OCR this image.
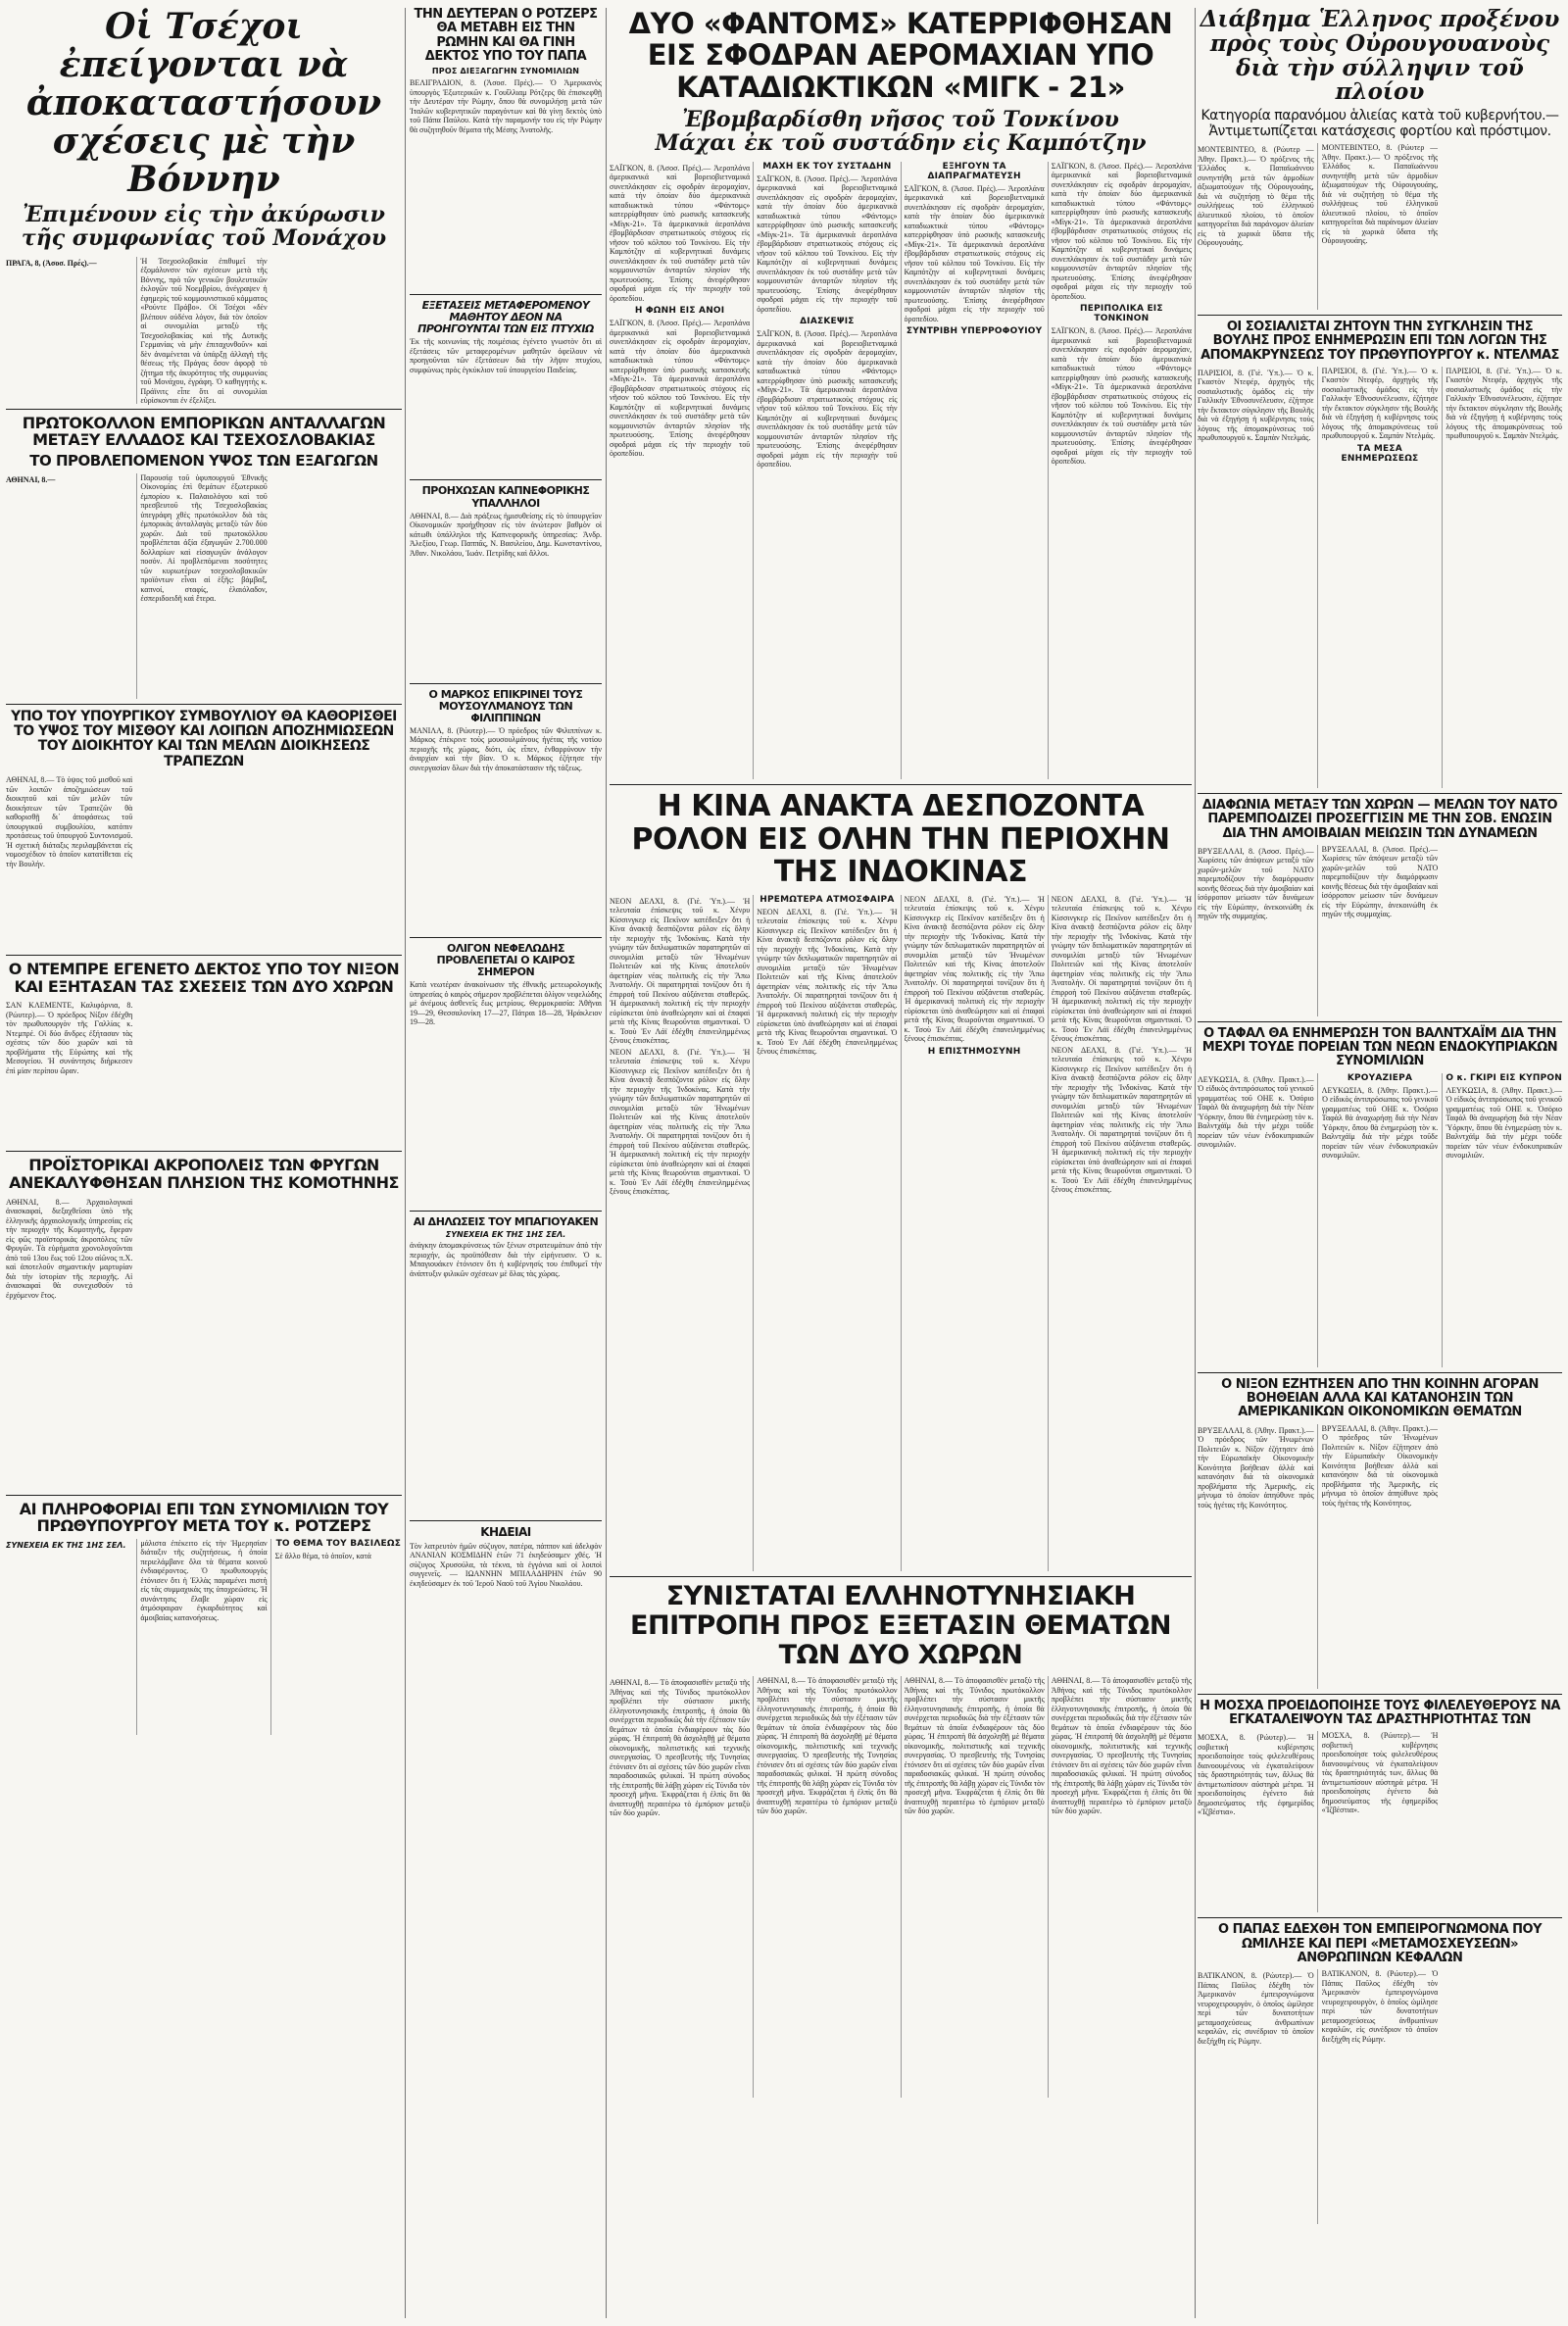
Οἱ Τσέχοι ἐπείγονται νὰ ἀποκαταστήσουν σχέσεις μὲ τὴν Βόννην
Ἐπιμένουν εἰς τὴν ἀκύρωσιν τῆς συμφωνίας τοῦ Μονάχου
ΠΡΑΓΑ, 8, (Ἀσοσ. Πρές).—	Ἡ Τσεχοσλοβακία ἐπιθυμεῖ τὴν ἐξομάλυνσιν τῶν σχέσεων μετὰ τῆς Βόννης, πρὸ τῶν γενικῶν βουλευτικῶν ἐκλογῶν τοῦ Νοεμβρίου, ἀνέγραψεν ἡ ἐφημερὶς τοῦ κομμουνιστικοῦ κόμματος «Ρούντε Πράβο». Οἱ Τσέχοι «δὲν βλέπουν οὐδένα λόγον, διὰ τὸν ὁποῖον αἱ συνομιλίαι μεταξὺ τῆς Τσεχοσλοβακίας καὶ τῆς Δυτικῆς Γερμανίας νὰ μὴν ἐπιταχυνθοῦν» καὶ δὲν ἀναμένεται νὰ ὑπάρξῃ ἀλλαγὴ τῆς θέσεως τῆς Πράγας ὅσον ἀφορᾷ τὸ ζήτημα τῆς ἀκυρότητος τῆς συμφωνίας τοῦ Μονάχου, ἐγράφη. Ὁ καθηγητὴς κ. Πράϊνιτς εἶπε ὅτι αἱ συνομιλίαι εὑρίσκονται ἐν ἐξελίξει.
ΠΡΩΤΟΚΟΛΛΟΝ ΕΜΠΟΡΙΚΩΝ ΑΝΤΑΛΛΑΓΩΝ ΜΕΤΑΞΥ ΕΛΛΑΔΟΣ ΚΑΙ ΤΣΕΧΟΣΛΟΒΑΚΙΑΣ
ΤΟ ΠΡΟΒΛΕΠΟΜΕΝΟΝ ΥΨΟΣ ΤΩΝ ΕΞΑΓΩΓΩΝ
ΑΘΗΝΑΙ, 8.—	Παρουσίᾳ τοῦ ὑφυπουργοῦ Ἐθνικῆς Οἰκονομίας ἐπὶ θεμάτων ἐξωτερικοῦ ἐμπορίου κ. Παλαιολόγου καὶ τοῦ πρεσβευτοῦ τῆς Τσεχοσλοβακίας ὑπεγράφη χθὲς πρωτόκολλον διὰ τὰς ἐμπορικὰς ἀνταλλαγὰς μεταξὺ τῶν δύο χωρῶν. Διὰ τοῦ πρωτοκόλλου προβλέπεται ἀξία ἐξαγωγῶν 2.700.000 δολλαρίων καὶ εἰσαγωγῶν ἀνάλογον ποσόν. Αἱ προβλεπόμεναι ποσότητες τῶν κυριωτέρων τσεχοσλοβακικῶν προϊόντων εἶναι αἱ ἑξῆς: βάμβαξ, καπνοί, σταφίς, ἐλαιόλαδον, ἐσπεριδοειδῆ καὶ ἕτερα.
ΥΠΟ ΤΟΥ ΥΠΟΥΡΓΙΚΟΥ ΣΥΜΒΟΥΛΙΟΥ ΘΑ ΚΑΘΟΡΙΣΘΕΙ ΤΟ ΥΨΟΣ ΤΟΥ ΜΙΣΘΟΥ ΚΑΙ ΛΟΙΠΩΝ ΑΠΟΖΗΜΙΩΣΕΩΝ ΤΟΥ ΔΙΟΙΚΗΤΟΥ ΚΑΙ ΤΩΝ ΜΕΛΩΝ ΔΙΟΙΚΗΣΕΩΣ ΤΡΑΠΕΖΩΝ
ΑΘΗΝΑΙ, 8.— Τὸ ὑψος τοῦ μισθοῦ καὶ τῶν λοιπῶν ἀποζημιώσεων τοῦ διοικητοῦ καὶ τῶν μελῶν τῶν διοικήσεων τῶν Τραπεζῶν θὰ καθορισθῇ δι᾽ ἀποφάσεως τοῦ ὑπουργικοῦ συμβουλίου, κατόπιν προτάσεως τοῦ ὑπουργοῦ Συντονισμοῦ. Ἡ σχετικὴ διάταξις περιλαμβάνεται εἰς νομοσχέδιον τὸ ὁποῖον κατατίθεται εἰς τὴν Βουλήν.
Ο ΝΤΕΜΠΡΕ ΕΓΕΝΕΤΟ ΔΕΚΤΟΣ ΥΠΟ ΤΟΥ ΝΙΞΟΝ ΚΑΙ ΕΞΗΤΑΣΑΝ ΤΑΣ ΣΧΕΣΕΙΣ ΤΩΝ ΔΥΟ ΧΩΡΩΝ
ΣΑΝ ΚΛΕΜΕΝΤΕ, Καλιφόρνια, 8. (Ρώυτερ).— Ὁ πρόεδρος Νίξον ἐδέχθη τὸν πρωθυπουργὸν τῆς Γαλλίας κ. Ντεμπρέ. Οἱ δύο ἄνδρες ἐξήτασαν τὰς σχέσεις τῶν δύο χωρῶν καὶ τὰ προβλήματα τῆς Εὐρώπης καὶ τῆς Μεσογείου. Ἡ συνάντησις διήρκεσεν ἐπὶ μίαν περίπου ὥραν.
ΠΡΟΪΣΤΟΡΙΚΑΙ ΑΚΡΟΠΟΛΕΙΣ ΤΩΝ ΦΡΥΓΩΝ ΑΝΕΚΑΛΥΦΘΗΣΑΝ ΠΛΗΣΙΟΝ ΤΗΣ ΚΟΜΟΤΗΝΗΣ
ΑΘΗΝΑΙ, 8.— Ἀρχαιολογικαὶ ἀνασκαφαί, διεξαχθεῖσαι ὑπὸ τῆς ἑλληνικῆς ἀρχαιολογικῆς ὑπηρεσίας εἰς τὴν περιοχὴν τῆς Κομοτηνῆς, ἔφεραν εἰς φῶς προϊστορικὰς ἀκροπόλεις τῶν Φρυγῶν. Τὰ εὑρήματα χρονολογοῦνται ἀπὸ τοῦ 13ου ἕως τοῦ 12ου αἰῶνος π.Χ. καὶ ἀποτελοῦν σημαντικὴν μαρτυρίαν διὰ τὴν ἱστορίαν τῆς περιοχῆς. Αἱ ἀνασκαφαὶ θὰ συνεχισθοῦν τὸ ἐρχόμενον ἔτος.
ΑΙ ΠΛΗΡΟΦΟΡΙΑΙ ΕΠΙ ΤΩΝ ΣΥΝΟΜΙΛΙΩΝ ΤΟΥ ΠΡΩΘΥΠΟΥΡΓΟΥ ΜΕΤΑ ΤΟΥ κ. ΡΟΤΖΕΡΣ
ΣΥΝΕΧΕΙΑ ΕΚ ΤΗΣ 1ΗΣ ΣΕΛ.	μάλιστα ἐπέκειτο εἰς τὴν Ἡμερησίαν διάταξιν τῆς συζητήσεως, ἡ ὁποία περιελάμβανε ὅλα τὰ θέματα κοινοῦ ἐνδιαφέροντος. Ὁ πρωθυπουργὸς ἐτόνισεν ὅτι ἡ Ἑλλὰς παραμένει πιστὴ εἰς τὰς συμμαχικὰς της ὑποχρεώσεις. Ἡ συνάντησις ἔλαβε χώραν εἰς ἀτμόσφαιραν ἐγκαρδιότητος καὶ ἀμοιβαίας κατανοήσεως.
ΤΟ ΘΕΜΑ ΤΟΥ ΒΑΣΙΛΕΩΣ
Σὲ ἄλλο θέμα, τὸ ὁποῖον, κατά
ΤΗΝ ΔΕΥΤΕΡΑΝ Ο ΡΟΤΖΕΡΣ ΘΑ ΜΕΤΑΒΗ ΕΙΣ ΤΗΝ ΡΩΜΗΝ ΚΑΙ ΘΑ ΓΙΝΗ ΔΕΚΤΟΣ ΥΠΟ ΤΟΥ ΠΑΠΑ
ΠΡΟΣ ΔΙΕΞΑΓΩΓΗΝ ΣΥΝΟΜΙΛΙΩΝ
ΒΕΛΙΓΡΑΔΙΟΝ, 8. (Ἀσοσ. Πρές).— Ὁ Ἀμερικανὸς ὑπουργὸς Ἐξωτερικῶν κ. Γουΐλλιαμ Ρότζερς θὰ ἐπισκεφθῇ τὴν Δευτέραν τὴν Ρώμην, ὅπου θὰ συνομιλήσῃ μετὰ τῶν Ἰταλῶν κυβερνητικῶν παραγόντων καὶ θὰ γίνῃ δεκτὸς ὑπὸ τοῦ Πάπα Παύλου. Κατὰ τὴν παραμονήν του εἰς τὴν Ρώμην θὰ συζητηθοῦν θέματα τῆς Μέσης Ἀνατολῆς.
ΕΞΕΤΑΣΕΙΣ ΜΕΤΑΦΕΡΟΜΕΝΟΥ ΜΑΘΗΤΟΥ ΔΕΟΝ ΝΑ ΠΡΟΗΓΟΥΝΤΑΙ ΤΩΝ ΕΙΣ ΠΤΥΧΙΩ
Ἐκ τῆς κοινωνίας τῆς ποιμέσιας ἐγένετο γνωστὸν ὅτι αἱ ἐξετάσεις τῶν μεταφερομένων μαθητῶν ὀφείλουν νὰ προηγοῦνται τῶν ἐξετάσεων διὰ τὴν λῆψιν πτυχίου, συμφώνως πρὸς ἐγκύκλιον τοῦ ὑπουργείου Παιδείας.
ΠΡΟΗΧΩΣΑΝ ΚΑΠΝΕΦΟΡΙΚΗΣ ΥΠΑΛΛΗΛΟΙ
ΑΘΗΝΑΙ, 8.— Διὰ πράξεως ἡμισυθείσης εἰς τὸ ὑπουργεῖον Οἰκονομικῶν προήχθησαν εἰς τὸν ἀνώτερον βαθμὸν οἱ κάτωθι ὑπάλληλοι τῆς Καπνεφορικῆς ὑπηρεσίας: Ἀνδρ. Ἀλεξίου, Γεωρ. Παππᾶς, Ν. Βασιλείου, Δημ. Κωνσταντίνου, Ἀθαν. Νικολάου, Ἰωάν. Πετρίδης καὶ ἄλλοι.
Ο ΜΑΡΚΟΣ ΕΠΙΚΡΙΝΕΙ ΤΟΥΣ ΜΟΥΣΟΥΛΜΑΝΟΥΣ ΤΩΝ ΦΙΛΙΠΠΙΝΩΝ
ΜΑΝΙΛΑ, 8. (Ρώυτερ).— Ὁ πρόεδρος τῶν Φιλιππίνων κ. Μάρκος ἐπέκρινε τοὺς μουσουλμάνους ἡγέτας τῆς νοτίου περιοχῆς τῆς χώρας, διότι, ὡς εἶπεν, ἐνθαρρύνουν τὴν ἀναρχίαν καὶ τὴν βίαν. Ὁ κ. Μάρκος ἐζήτησε τὴν συνεργασίαν ὅλων διὰ τὴν ἀποκατάστασιν τῆς τάξεως.
ΟΛΙΓΟΝ ΝΕΦΕΛΩΔΗΣ ΠΡΟΒΛΕΠΕΤΑΙ Ο ΚΑΙΡΟΣ ΣΗΜΕΡΟΝ
Κατὰ νεωτέραν ἀνακοίνωσιν τῆς ἐθνικῆς μετεωρολογικῆς ὑπηρεσίας ὁ καιρὸς σήμερον προβλέπεται ὀλίγον νεφελώδης μὲ ἀνέμους ἀσθενεῖς ἕως μετρίους. Θερμοκρασία: Ἀθῆναι 19—29, Θεσσαλονίκη 17—27, Πάτραι 18—28, Ἡράκλειον 19—28.
ΑΙ ΔΗΛΩΣΕΙΣ ΤΟΥ ΜΠΑΓΙΟΥΑΚΕΝ
ΣΥΝΕΧΕΙΑ ΕΚ ΤΗΣ 1ΗΣ ΣΕΛ.
ἀνάγκην ἀπομακρύνσεως τῶν ξένων στρατευμάτων ἀπὸ τὴν περιοχήν, ὡς προϋπόθεσιν διὰ τὴν εἰρήνευσιν. Ὁ κ. Μπαγιουάκεν ἐτόνισεν ὅτι ἡ κυβέρνησίς του ἐπιθυμεῖ τὴν ἀνάπτυξιν φιλικῶν σχέσεων μὲ ὅλας τὰς χώρας.
ΚΗΔΕΙΑΙ
Τὸν λατρευτὸν ἡμῶν σύζυγον, πατέρα, πάππον καὶ ἀδελφὸν ΑΝΑΝΙΑΝ ΚΟΣΜΙΔΗΝ ἐτῶν 71 ἐκηδεύσαμεν χθές. Ἡ σύζυγος Χρυσούλα, τὰ τέκνα, τὰ ἐγγόνια καὶ οἱ λοιποὶ συγγενεῖς. — ΙΩΑΝΝΗΝ ΜΠΙΛΑΔΗΡΗΝ ἐτῶν 90 ἐκηδεύσαμεν ἐκ τοῦ Ἱεροῦ Ναοῦ τοῦ Ἁγίου Νικολάου.
ΔΥΟ «ΦΑΝΤΟΜΣ» ΚΑΤΕΡΡΙΦΘΗΣΑΝ ΕΙΣ ΣΦΟΔΡΑΝ ΑΕΡΟΜΑΧΙΑΝ ΥΠΟ ΚΑΤΑΔΙΩΚΤΙΚΩΝ «ΜΙΓΚ - 21»
Ἐβομβαρδίσθη νῆσος τοῦ Τονκίνου
Μάχαι ἐκ τοῦ συστάδην εἰς Καμπότζην
ΣΑΪΓΚΟΝ, 8. (Ἀσοσ. Πρές).— Ἀεροπλάνα ἀμερικανικά καὶ βορειοβιετναμικά συνεπλάκησαν εἰς σφοδρὰν ἀερομαχίαν, κατὰ τὴν ὁποίαν δύο ἀμερικανικὰ καταδιωκτικὰ τύπου «Φάντομς» κατερρίφθησαν ὑπὸ ρωσικῆς κατασκευῆς «Μὶγκ-21». Τὰ ἀμερικανικὰ ἀεροπλάνα ἐβομβάρδισαν στρατιωτικοὺς στόχους εἰς νῆσον τοῦ κόλπου τοῦ Τονκίνου. Εἰς τὴν Καμπότζην αἱ κυβερνητικαὶ δυνάμεις συνεπλάκησαν ἐκ τοῦ συστάδην μετὰ τῶν κομμουνιστῶν ἀνταρτῶν πλησίον τῆς πρωτευούσης. Ἐπίσης ἀνεφέρθησαν σφοδραὶ μάχαι εἰς τὴν περιοχὴν τοῦ ὁροπεδίου.
Η ΦΩΝΗ ΕΙΣ ΑΝΟΙ
ΣΑΪΓΚΟΝ, 8. (Ἀσοσ. Πρές).— Ἀεροπλάνα ἀμερικανικά καὶ βορειοβιετναμικά συνεπλάκησαν εἰς σφοδρὰν ἀερομαχίαν, κατὰ τὴν ὁποίαν δύο ἀμερικανικὰ καταδιωκτικὰ τύπου «Φάντομς» κατερρίφθησαν ὑπὸ ρωσικῆς κατασκευῆς «Μὶγκ-21». Τὰ ἀμερικανικὰ ἀεροπλάνα ἐβομβάρδισαν στρατιωτικοὺς στόχους εἰς νῆσον τοῦ κόλπου τοῦ Τονκίνου. Εἰς τὴν Καμπότζην αἱ κυβερνητικαὶ δυνάμεις συνεπλάκησαν ἐκ τοῦ συστάδην μετὰ τῶν κομμουνιστῶν ἀνταρτῶν πλησίον τῆς πρωτευούσης. Ἐπίσης ἀνεφέρθησαν σφοδραὶ μάχαι εἰς τὴν περιοχὴν τοῦ ὁροπεδίου.
ΜΑΧΗ ΕΚ ΤΟΥ ΣΥΣΤΑΔΗΝ
ΣΑΪΓΚΟΝ, 8. (Ἀσοσ. Πρές).— Ἀεροπλάνα ἀμερικανικά καὶ βορειοβιετναμικά συνεπλάκησαν εἰς σφοδρὰν ἀερομαχίαν, κατὰ τὴν ὁποίαν δύο ἀμερικανικὰ καταδιωκτικὰ τύπου «Φάντομς» κατερρίφθησαν ὑπὸ ρωσικῆς κατασκευῆς «Μὶγκ-21». Τὰ ἀμερικανικὰ ἀεροπλάνα ἐβομβάρδισαν στρατιωτικοὺς στόχους εἰς νῆσον τοῦ κόλπου τοῦ Τονκίνου. Εἰς τὴν Καμπότζην αἱ κυβερνητικαὶ δυνάμεις συνεπλάκησαν ἐκ τοῦ συστάδην μετὰ τῶν κομμουνιστῶν ἀνταρτῶν πλησίον τῆς πρωτευούσης. Ἐπίσης ἀνεφέρθησαν σφοδραὶ μάχαι εἰς τὴν περιοχὴν τοῦ ὁροπεδίου.
ΔΙΑΣΚΕΨΙΣ
ΣΑΪΓΚΟΝ, 8. (Ἀσοσ. Πρές).— Ἀεροπλάνα ἀμερικανικά καὶ βορειοβιετναμικά συνεπλάκησαν εἰς σφοδρὰν ἀερομαχίαν, κατὰ τὴν ὁποίαν δύο ἀμερικανικὰ καταδιωκτικὰ τύπου «Φάντομς» κατερρίφθησαν ὑπὸ ρωσικῆς κατασκευῆς «Μὶγκ-21». Τὰ ἀμερικανικὰ ἀεροπλάνα ἐβομβάρδισαν στρατιωτικοὺς στόχους εἰς νῆσον τοῦ κόλπου τοῦ Τονκίνου. Εἰς τὴν Καμπότζην αἱ κυβερνητικαὶ δυνάμεις συνεπλάκησαν ἐκ τοῦ συστάδην μετὰ τῶν κομμουνιστῶν ἀνταρτῶν πλησίον τῆς πρωτευούσης. Ἐπίσης ἀνεφέρθησαν σφοδραὶ μάχαι εἰς τὴν περιοχὴν τοῦ ὁροπεδίου.
ΕΞΗΓΟΥΝ ΤΑ ΔΙΑΠΡΑΓΜΑΤΕΥΣΗ
ΣΑΪΓΚΟΝ, 8. (Ἀσοσ. Πρές).— Ἀεροπλάνα ἀμερικανικά καὶ βορειοβιετναμικά συνεπλάκησαν εἰς σφοδρὰν ἀερομαχίαν, κατὰ τὴν ὁποίαν δύο ἀμερικανικὰ καταδιωκτικὰ τύπου «Φάντομς» κατερρίφθησαν ὑπὸ ρωσικῆς κατασκευῆς «Μὶγκ-21». Τὰ ἀμερικανικὰ ἀεροπλάνα ἐβομβάρδισαν στρατιωτικοὺς στόχους εἰς νῆσον τοῦ κόλπου τοῦ Τονκίνου. Εἰς τὴν Καμπότζην αἱ κυβερνητικαὶ δυνάμεις συνεπλάκησαν ἐκ τοῦ συστάδην μετὰ τῶν κομμουνιστῶν ἀνταρτῶν πλησίον τῆς πρωτευούσης. Ἐπίσης ἀνεφέρθησαν σφοδραὶ μάχαι εἰς τὴν περιοχὴν τοῦ ὁροπεδίου.
ΣΥΝΤΡΙΒΗ ΥΠΕΡΡΟΦΟΥΙΟΥ
ΣΑΪΓΚΟΝ, 8. (Ἀσοσ. Πρές).— Ἀεροπλάνα ἀμερικανικά καὶ βορειοβιετναμικά συνεπλάκησαν εἰς σφοδρὰν ἀερομαχίαν, κατὰ τὴν ὁποίαν δύο ἀμερικανικὰ καταδιωκτικὰ τύπου «Φάντομς» κατερρίφθησαν ὑπὸ ρωσικῆς κατασκευῆς «Μὶγκ-21». Τὰ ἀμερικανικὰ ἀεροπλάνα ἐβομβάρδισαν στρατιωτικοὺς στόχους εἰς νῆσον τοῦ κόλπου τοῦ Τονκίνου. Εἰς τὴν Καμπότζην αἱ κυβερνητικαὶ δυνάμεις συνεπλάκησαν ἐκ τοῦ συστάδην μετὰ τῶν κομμουνιστῶν ἀνταρτῶν πλησίον τῆς πρωτευούσης. Ἐπίσης ἀνεφέρθησαν σφοδραὶ μάχαι εἰς τὴν περιοχὴν τοῦ ὁροπεδίου.
ΠΕΡΙΠΟΛΙΚΑ ΕΙΣ ΤΟΝΚΙΝΟΝ
ΣΑΪΓΚΟΝ, 8. (Ἀσοσ. Πρές).— Ἀεροπλάνα ἀμερικανικά καὶ βορειοβιετναμικά συνεπλάκησαν εἰς σφοδρὰν ἀερομαχίαν, κατὰ τὴν ὁποίαν δύο ἀμερικανικὰ καταδιωκτικὰ τύπου «Φάντομς» κατερρίφθησαν ὑπὸ ρωσικῆς κατασκευῆς «Μὶγκ-21». Τὰ ἀμερικανικὰ ἀεροπλάνα ἐβομβάρδισαν στρατιωτικοὺς στόχους εἰς νῆσον τοῦ κόλπου τοῦ Τονκίνου. Εἰς τὴν Καμπότζην αἱ κυβερνητικαὶ δυνάμεις συνεπλάκησαν ἐκ τοῦ συστάδην μετὰ τῶν κομμουνιστῶν ἀνταρτῶν πλησίον τῆς πρωτευούσης. Ἐπίσης ἀνεφέρθησαν σφοδραὶ μάχαι εἰς τὴν περιοχὴν τοῦ ὁροπεδίου.
Η ΚΙΝΑ ΑΝΑΚΤΑ ΔΕΣΠΟΖΟΝΤΑ ΡΟΛΟΝ ΕΙΣ ΟΛΗΝ ΤΗΝ ΠΕΡΙΟΧΗΝ ΤΗΣ ΙΝΔΟΚΙΝΑΣ
ΝΕΟΝ ΔΕΛΧΙ, 8. (Γιὲ. Ὑπ.).— Ἡ τελευταία ἐπίσκεψις τοῦ κ. Χένρυ Κίσσινγκερ εἰς Πεκῖνον κατέδειξεν ὅτι ἡ Κίνα ἀνακτᾷ δεσπόζοντα ρόλον εἰς ὅλην τὴν περιοχὴν τῆς Ἰνδοκίνας. Κατὰ τὴν γνώμην τῶν διπλωματικῶν παρατηρητῶν αἱ συνομιλίαι μεταξὺ τῶν Ἡνωμένων Πολιτειῶν καὶ τῆς Κίνας ἀποτελοῦν ἀφετηρίαν νέας πολιτικῆς εἰς τὴν Ἄπω Ἀνατολήν. Οἱ παρατηρηταὶ τονίζουν ὅτι ἡ ἐπιρροὴ τοῦ Πεκίνου αὐξάνεται σταθερῶς. Ἡ ἀμερικανικὴ πολιτικὴ εἰς τὴν περιοχὴν εὑρίσκεται ὑπὸ ἀναθεώρησιν καὶ αἱ ἐπαφαὶ μετὰ τῆς Κίνας θεωροῦνται σημαντικαί. Ὁ κ. Τσοὺ Ἐν Λάϊ ἐδέχθη ἐπανειλημμένως ξένους ἐπισκέπτας.
ΝΕΟΝ ΔΕΛΧΙ, 8. (Γιὲ. Ὑπ.).— Ἡ τελευταία ἐπίσκεψις τοῦ κ. Χένρυ Κίσσινγκερ εἰς Πεκῖνον κατέδειξεν ὅτι ἡ Κίνα ἀνακτᾷ δεσπόζοντα ρόλον εἰς ὅλην τὴν περιοχὴν τῆς Ἰνδοκίνας. Κατὰ τὴν γνώμην τῶν διπλωματικῶν παρατηρητῶν αἱ συνομιλίαι μεταξὺ τῶν Ἡνωμένων Πολιτειῶν καὶ τῆς Κίνας ἀποτελοῦν ἀφετηρίαν νέας πολιτικῆς εἰς τὴν Ἄπω Ἀνατολήν. Οἱ παρατηρηταὶ τονίζουν ὅτι ἡ ἐπιρροὴ τοῦ Πεκίνου αὐξάνεται σταθερῶς. Ἡ ἀμερικανικὴ πολιτικὴ εἰς τὴν περιοχὴν εὑρίσκεται ὑπὸ ἀναθεώρησιν καὶ αἱ ἐπαφαὶ μετὰ τῆς Κίνας θεωροῦνται σημαντικαί. Ὁ κ. Τσοὺ Ἐν Λάϊ ἐδέχθη ἐπανειλημμένως ξένους ἐπισκέπτας.
ΗΡΕΜΩΤΕΡΑ ΑΤΜΟΣΦΑΙΡΑ
ΝΕΟΝ ΔΕΛΧΙ, 8. (Γιὲ. Ὑπ.).— Ἡ τελευταία ἐπίσκεψις τοῦ κ. Χένρυ Κίσσινγκερ εἰς Πεκῖνον κατέδειξεν ὅτι ἡ Κίνα ἀνακτᾷ δεσπόζοντα ρόλον εἰς ὅλην τὴν περιοχὴν τῆς Ἰνδοκίνας. Κατὰ τὴν γνώμην τῶν διπλωματικῶν παρατηρητῶν αἱ συνομιλίαι μεταξὺ τῶν Ἡνωμένων Πολιτειῶν καὶ τῆς Κίνας ἀποτελοῦν ἀφετηρίαν νέας πολιτικῆς εἰς τὴν Ἄπω Ἀνατολήν. Οἱ παρατηρηταὶ τονίζουν ὅτι ἡ ἐπιρροὴ τοῦ Πεκίνου αὐξάνεται σταθερῶς. Ἡ ἀμερικανικὴ πολιτικὴ εἰς τὴν περιοχὴν εὑρίσκεται ὑπὸ ἀναθεώρησιν καὶ αἱ ἐπαφαὶ μετὰ τῆς Κίνας θεωροῦνται σημαντικαί. Ὁ κ. Τσοὺ Ἐν Λάϊ ἐδέχθη ἐπανειλημμένως ξένους ἐπισκέπτας.
ΝΕΟΝ ΔΕΛΧΙ, 8. (Γιὲ. Ὑπ.).— Ἡ τελευταία ἐπίσκεψις τοῦ κ. Χένρυ Κίσσινγκερ εἰς Πεκῖνον κατέδειξεν ὅτι ἡ Κίνα ἀνακτᾷ δεσπόζοντα ρόλον εἰς ὅλην τὴν περιοχὴν τῆς Ἰνδοκίνας. Κατὰ τὴν γνώμην τῶν διπλωματικῶν παρατηρητῶν αἱ συνομιλίαι μεταξὺ τῶν Ἡνωμένων Πολιτειῶν καὶ τῆς Κίνας ἀποτελοῦν ἀφετηρίαν νέας πολιτικῆς εἰς τὴν Ἄπω Ἀνατολήν. Οἱ παρατηρηταὶ τονίζουν ὅτι ἡ ἐπιρροὴ τοῦ Πεκίνου αὐξάνεται σταθερῶς. Ἡ ἀμερικανικὴ πολιτικὴ εἰς τὴν περιοχὴν εὑρίσκεται ὑπὸ ἀναθεώρησιν καὶ αἱ ἐπαφαὶ μετὰ τῆς Κίνας θεωροῦνται σημαντικαί. Ὁ κ. Τσοὺ Ἐν Λάϊ ἐδέχθη ἐπανειλημμένως ξένους ἐπισκέπτας.
Η ΕΠΙΣΤΗΜΟΣΥΝΗ
ΝΕΟΝ ΔΕΛΧΙ, 8. (Γιὲ. Ὑπ.).— Ἡ τελευταία ἐπίσκεψις τοῦ κ. Χένρυ Κίσσινγκερ εἰς Πεκῖνον κατέδειξεν ὅτι ἡ Κίνα ἀνακτᾷ δεσπόζοντα ρόλον εἰς ὅλην τὴν περιοχὴν τῆς Ἰνδοκίνας. Κατὰ τὴν γνώμην τῶν διπλωματικῶν παρατηρητῶν αἱ συνομιλίαι μεταξὺ τῶν Ἡνωμένων Πολιτειῶν καὶ τῆς Κίνας ἀποτελοῦν ἀφετηρίαν νέας πολιτικῆς εἰς τὴν Ἄπω Ἀνατολήν. Οἱ παρατηρηταὶ τονίζουν ὅτι ἡ ἐπιρροὴ τοῦ Πεκίνου αὐξάνεται σταθερῶς. Ἡ ἀμερικανικὴ πολιτικὴ εἰς τὴν περιοχὴν εὑρίσκεται ὑπὸ ἀναθεώρησιν καὶ αἱ ἐπαφαὶ μετὰ τῆς Κίνας θεωροῦνται σημαντικαί. Ὁ κ. Τσοὺ Ἐν Λάϊ ἐδέχθη ἐπανειλημμένως ξένους ἐπισκέπτας.
ΝΕΟΝ ΔΕΛΧΙ, 8. (Γιὲ. Ὑπ.).— Ἡ τελευταία ἐπίσκεψις τοῦ κ. Χένρυ Κίσσινγκερ εἰς Πεκῖνον κατέδειξεν ὅτι ἡ Κίνα ἀνακτᾷ δεσπόζοντα ρόλον εἰς ὅλην τὴν περιοχὴν τῆς Ἰνδοκίνας. Κατὰ τὴν γνώμην τῶν διπλωματικῶν παρατηρητῶν αἱ συνομιλίαι μεταξὺ τῶν Ἡνωμένων Πολιτειῶν καὶ τῆς Κίνας ἀποτελοῦν ἀφετηρίαν νέας πολιτικῆς εἰς τὴν Ἄπω Ἀνατολήν. Οἱ παρατηρηταὶ τονίζουν ὅτι ἡ ἐπιρροὴ τοῦ Πεκίνου αὐξάνεται σταθερῶς. Ἡ ἀμερικανικὴ πολιτικὴ εἰς τὴν περιοχὴν εὑρίσκεται ὑπὸ ἀναθεώρησιν καὶ αἱ ἐπαφαὶ μετὰ τῆς Κίνας θεωροῦνται σημαντικαί. Ὁ κ. Τσοὺ Ἐν Λάϊ ἐδέχθη ἐπανειλημμένως ξένους ἐπισκέπτας.
ΣΥΝΙΣΤΑΤΑΙ ΕΛΛΗΝΟΤΥΝΗΣΙΑΚΗ ΕΠΙΤΡΟΠΗ ΠΡΟΣ ΕΞΕΤΑΣΙΝ ΘΕΜΑΤΩΝ ΤΩΝ ΔΥΟ ΧΩΡΩΝ
ΑΘΗΝΑΙ, 8.— Τὸ ἀποφασισθὲν μεταξὺ τῆς Ἀθήνας καὶ τῆς Τύνιδος πρωτόκολλον προβλέπει τὴν σύστασιν μικτῆς ἑλληνοτυνησιακῆς ἐπιτροπῆς, ἡ ὁποία θὰ συνέρχεται περιοδικῶς διὰ τὴν ἐξέτασιν τῶν θεμάτων τὰ ὁποῖα ἐνδιαφέρουν τὰς δύο χώρας. Ἡ ἐπιτροπὴ θὰ ἀσχοληθῇ μὲ θέματα οἰκονομικῆς, πολιτιστικῆς καὶ τεχνικῆς συνεργασίας. Ὁ πρεσβευτὴς τῆς Τυνησίας ἐτόνισεν ὅτι αἱ σχέσεις τῶν δύο χωρῶν εἶναι παραδοσιακῶς φιλικαί. Ἡ πρώτη σύνοδος τῆς ἐπιτροπῆς θὰ λάβῃ χώραν εἰς Τύνιδα τὸν προσεχῆ μῆνα. Ἐκφράζεται ἡ ἐλπὶς ὅτι θὰ ἀναπτυχθῇ περαιτέρω τὸ ἐμπόριον μεταξὺ τῶν δύο χωρῶν.
ΑΘΗΝΑΙ, 8.— Τὸ ἀποφασισθὲν μεταξὺ τῆς Ἀθήνας καὶ τῆς Τύνιδος πρωτόκολλον προβλέπει τὴν σύστασιν μικτῆς ἑλληνοτυνησιακῆς ἐπιτροπῆς, ἡ ὁποία θὰ συνέρχεται περιοδικῶς διὰ τὴν ἐξέτασιν τῶν θεμάτων τὰ ὁποῖα ἐνδιαφέρουν τὰς δύο χώρας. Ἡ ἐπιτροπὴ θὰ ἀσχοληθῇ μὲ θέματα οἰκονομικῆς, πολιτιστικῆς καὶ τεχνικῆς συνεργασίας. Ὁ πρεσβευτὴς τῆς Τυνησίας ἐτόνισεν ὅτι αἱ σχέσεις τῶν δύο χωρῶν εἶναι παραδοσιακῶς φιλικαί. Ἡ πρώτη σύνοδος τῆς ἐπιτροπῆς θὰ λάβῃ χώραν εἰς Τύνιδα τὸν προσεχῆ μῆνα. Ἐκφράζεται ἡ ἐλπὶς ὅτι θὰ ἀναπτυχθῇ περαιτέρω τὸ ἐμπόριον μεταξὺ τῶν δύο χωρῶν.
ΑΘΗΝΑΙ, 8.— Τὸ ἀποφασισθὲν μεταξὺ τῆς Ἀθήνας καὶ τῆς Τύνιδος πρωτόκολλον προβλέπει τὴν σύστασιν μικτῆς ἑλληνοτυνησιακῆς ἐπιτροπῆς, ἡ ὁποία θὰ συνέρχεται περιοδικῶς διὰ τὴν ἐξέτασιν τῶν θεμάτων τὰ ὁποῖα ἐνδιαφέρουν τὰς δύο χώρας. Ἡ ἐπιτροπὴ θὰ ἀσχοληθῇ μὲ θέματα οἰκονομικῆς, πολιτιστικῆς καὶ τεχνικῆς συνεργασίας. Ὁ πρεσβευτὴς τῆς Τυνησίας ἐτόνισεν ὅτι αἱ σχέσεις τῶν δύο χωρῶν εἶναι παραδοσιακῶς φιλικαί. Ἡ πρώτη σύνοδος τῆς ἐπιτροπῆς θὰ λάβῃ χώραν εἰς Τύνιδα τὸν προσεχῆ μῆνα. Ἐκφράζεται ἡ ἐλπὶς ὅτι θὰ ἀναπτυχθῇ περαιτέρω τὸ ἐμπόριον μεταξὺ τῶν δύο χωρῶν.
ΑΘΗΝΑΙ, 8.— Τὸ ἀποφασισθὲν μεταξὺ τῆς Ἀθήνας καὶ τῆς Τύνιδος πρωτόκολλον προβλέπει τὴν σύστασιν μικτῆς ἑλληνοτυνησιακῆς ἐπιτροπῆς, ἡ ὁποία θὰ συνέρχεται περιοδικῶς διὰ τὴν ἐξέτασιν τῶν θεμάτων τὰ ὁποῖα ἐνδιαφέρουν τὰς δύο χώρας. Ἡ ἐπιτροπὴ θὰ ἀσχοληθῇ μὲ θέματα οἰκονομικῆς, πολιτιστικῆς καὶ τεχνικῆς συνεργασίας. Ὁ πρεσβευτὴς τῆς Τυνησίας ἐτόνισεν ὅτι αἱ σχέσεις τῶν δύο χωρῶν εἶναι παραδοσιακῶς φιλικαί. Ἡ πρώτη σύνοδος τῆς ἐπιτροπῆς θὰ λάβῃ χώραν εἰς Τύνιδα τὸν προσεχῆ μῆνα. Ἐκφράζεται ἡ ἐλπὶς ὅτι θὰ ἀναπτυχθῇ περαιτέρω τὸ ἐμπόριον μεταξὺ τῶν δύο χωρῶν.
Διάβημα Ἑλληνος προξένου πρὸς τοὺς Οὐρουγουανοὺς διὰ τὴν σύλληψιν τοῦ πλοίου
Κατηγορία παρανόμου ἁλιείας κατὰ τοῦ κυβερνήτου.—Ἀντιμετωπίζεται κατάσχεσις φορτίου καὶ πρόστιμον.
ΜΟΝΤΕΒΙΝΤΕΟ, 8. (Ρώυτερ — Ἀθην. Πρακτ.).— Ὁ πρόξενος τῆς Ἑλλάδος κ. Παπαϊωάννου συνηντήθη μετὰ τῶν ἁρμοδίων ἀξιωματούχων τῆς Οὐρουγουάης, διὰ νὰ συζητήσῃ τὸ θέμα τῆς συλλήψεως τοῦ ἑλληνικοῦ ἁλιευτικοῦ πλοίου, τὸ ὁποῖον κατηγορεῖται διὰ παράνομον ἁλιείαν εἰς τὰ χωρικὰ ὕδατα τῆς Οὐρουγουάης.
ΜΟΝΤΕΒΙΝΤΕΟ, 8. (Ρώυτερ — Ἀθην. Πρακτ.).— Ὁ πρόξενος τῆς Ἑλλάδος κ. Παπαϊωάννου συνηντήθη μετὰ τῶν ἁρμοδίων ἀξιωματούχων τῆς Οὐρουγουάης, διὰ νὰ συζητήσῃ τὸ θέμα τῆς συλλήψεως τοῦ ἑλληνικοῦ ἁλιευτικοῦ πλοίου, τὸ ὁποῖον κατηγορεῖται διὰ παράνομον ἁλιείαν εἰς τὰ χωρικὰ ὕδατα τῆς Οὐρουγουάης.
ΟΙ ΣΟΣΙΑΛΙΣΤΑΙ ΖΗΤΟΥΝ ΤΗΝ ΣΥΓΚΛΗΣΙΝ ΤΗΣ ΒΟΥΛΗΣ ΠΡΟΣ ΕΝΗΜΕΡΩΣΙΝ ΕΠΙ ΤΩΝ ΛΟΓΩΝ ΤΗΣ ΑΠΟΜΑΚΡΥΝΣΕΩΣ ΤΟΥ ΠΡΩΘΥΠΟΥΡΓΟΥ κ. ΝΤΕΛΜΑΣ
ΠΑΡΙΣΙΟΙ, 8. (Γιὲ. Ὑπ.).— Ὁ κ. Γκαστὸν Ντεφέρ, ἀρχηγὸς τῆς σοσιαλιστικῆς ὁμάδος εἰς τὴν Γαλλικὴν Ἐθνοσυνέλευσιν, ἐζήτησε τὴν ἔκτακτον σύγκλησιν τῆς Βουλῆς διὰ νὰ ἐξηγήσῃ ἡ κυβέρνησις τοὺς λόγους τῆς ἀπομακρύνσεως τοῦ πρωθυπουργοῦ κ. Σαμπὰν Ντελμάς.
ΠΑΡΙΣΙΟΙ, 8. (Γιὲ. Ὑπ.).— Ὁ κ. Γκαστὸν Ντεφέρ, ἀρχηγὸς τῆς σοσιαλιστικῆς ὁμάδος εἰς τὴν Γαλλικὴν Ἐθνοσυνέλευσιν, ἐζήτησε τὴν ἔκτακτον σύγκλησιν τῆς Βουλῆς διὰ νὰ ἐξηγήσῃ ἡ κυβέρνησις τοὺς λόγους τῆς ἀπομακρύνσεως τοῦ πρωθυπουργοῦ κ. Σαμπὰν Ντελμάς.
ΤΑ ΜΕΣΑ ΕΝΗΜΕΡΩΣΕΩΣ
ΠΑΡΙΣΙΟΙ, 8. (Γιὲ. Ὑπ.).— Ὁ κ. Γκαστὸν Ντεφέρ, ἀρχηγὸς τῆς σοσιαλιστικῆς ὁμάδος εἰς τὴν Γαλλικὴν Ἐθνοσυνέλευσιν, ἐζήτησε τὴν ἔκτακτον σύγκλησιν τῆς Βουλῆς διὰ νὰ ἐξηγήσῃ ἡ κυβέρνησις τοὺς λόγους τῆς ἀπομακρύνσεως τοῦ πρωθυπουργοῦ κ. Σαμπὰν Ντελμάς.
ΔΙΑΦΩΝΙΑ ΜΕΤΑΞΥ ΤΩΝ ΧΩΡΩΝ — ΜΕΛΩΝ ΤΟΥ ΝΑΤΟ ΠΑΡΕΜΠΟΔΙΖΕΙ ΠΡΟΣΕΓΓΙΣΙΝ ΜΕ ΤΗΝ ΣΟΒ. ΕΝΩΣΙΝ ΔΙΑ ΤΗΝ ΑΜΟΙΒΑΙΑΝ ΜΕΙΩΣΙΝ ΤΩΝ ΔΥΝΑΜΕΩΝ
ΒΡΥΞΕΛΛΑΙ, 8. (Ἀσοσ. Πρές).— Χωρίσεις τῶν ἀπόψεων μεταξὺ τῶν χωρῶν-μελῶν τοῦ ΝΑΤΟ παρεμποδίζουν τὴν διαμόρφωσιν κοινῆς θέσεως διὰ τὴν ἀμοιβαίαν καὶ ἰσόρροπον μείωσιν τῶν δυνάμεων εἰς τὴν Εὐρώπην, ἀνεκοινώθη ἐκ πηγῶν τῆς συμμαχίας.
ΒΡΥΞΕΛΛΑΙ, 8. (Ἀσοσ. Πρές).— Χωρίσεις τῶν ἀπόψεων μεταξὺ τῶν χωρῶν-μελῶν τοῦ ΝΑΤΟ παρεμποδίζουν τὴν διαμόρφωσιν κοινῆς θέσεως διὰ τὴν ἀμοιβαίαν καὶ ἰσόρροπον μείωσιν τῶν δυνάμεων εἰς τὴν Εὐρώπην, ἀνεκοινώθη ἐκ πηγῶν τῆς συμμαχίας.
Ο ΤΑΦΑΛ ΘΑ ΕΝΗΜΕΡΩΣΗ ΤΟΝ ΒΑΛΝΤΧΑΪΜ ΔΙΑ ΤΗΝ ΜΕΧΡΙ ΤΟΥΔΕ ΠΟΡΕΙΑΝ ΤΩΝ ΝΕΩΝ ΕΝΔΟΚΥΠΡΙΑΚΩΝ ΣΥΝΟΜΙΛΙΩΝ
ΛΕΥΚΩΣΙΑ, 8. (Ἀθην. Πρακτ.).— Ὁ εἰδικὸς ἀντιπρόσωπος τοῦ γενικοῦ γραμματέως τοῦ ΟΗΕ κ. Ὀσόριο Ταφὰλ θὰ ἀναχωρήσῃ διὰ τὴν Νέαν Ὑόρκην, ὅπου θὰ ἐνημερώσῃ τὸν κ. Βαλντχάϊμ διὰ τὴν μέχρι τοῦδε πορείαν τῶν νέων ἐνδοκυπριακῶν συνομιλιῶν.
ΚΡΟΥΑΖΙΕΡΑ
ΛΕΥΚΩΣΙΑ, 8. (Ἀθην. Πρακτ.).— Ὁ εἰδικὸς ἀντιπρόσωπος τοῦ γενικοῦ γραμματέως τοῦ ΟΗΕ κ. Ὀσόριο Ταφὰλ θὰ ἀναχωρήσῃ διὰ τὴν Νέαν Ὑόρκην, ὅπου θὰ ἐνημερώσῃ τὸν κ. Βαλντχάϊμ διὰ τὴν μέχρι τοῦδε πορείαν τῶν νέων ἐνδοκυπριακῶν συνομιλιῶν.
Ο κ. ΓΚΙΡΙ ΕΙΣ ΚΥΠΡΟΝ
ΛΕΥΚΩΣΙΑ, 8. (Ἀθην. Πρακτ.).— Ὁ εἰδικὸς ἀντιπρόσωπος τοῦ γενικοῦ γραμματέως τοῦ ΟΗΕ κ. Ὀσόριο Ταφὰλ θὰ ἀναχωρήσῃ διὰ τὴν Νέαν Ὑόρκην, ὅπου θὰ ἐνημερώσῃ τὸν κ. Βαλντχάϊμ διὰ τὴν μέχρι τοῦδε πορείαν τῶν νέων ἐνδοκυπριακῶν συνομιλιῶν.
Ο ΝΙΞΟΝ ΕΖΗΤΗΣΕΝ ΑΠΟ ΤΗΝ ΚΟΙΝΗΝ ΑΓΟΡΑΝ ΒΟΗΘΕΙΑΝ ΑΛΛΑ ΚΑΙ ΚΑΤΑΝΟΗΣΙΝ ΤΩΝ ΑΜΕΡΙΚΑΝΙΚΩΝ ΟΙΚΟΝΟΜΙΚΩΝ ΘΕΜΑΤΩΝ
ΒΡΥΞΕΛΛΑΙ, 8. (Ἀθην. Πρακτ.).— Ὁ πρόεδρος τῶν Ἡνωμένων Πολιτειῶν κ. Νίξον ἐζήτησεν ἀπὸ τὴν Εὐρωπαϊκὴν Οἰκονομικὴν Κοινότητα βοήθειαν ἀλλὰ καὶ κατανόησιν διὰ τὰ οἰκονομικὰ προβλήματα τῆς Ἀμερικῆς, εἰς μήνυμα τὸ ὁποῖον ἀπηύθυνε πρὸς τοὺς ἡγέτας τῆς Κοινότητος.
ΒΡΥΞΕΛΛΑΙ, 8. (Ἀθην. Πρακτ.).— Ὁ πρόεδρος τῶν Ἡνωμένων Πολιτειῶν κ. Νίξον ἐζήτησεν ἀπὸ τὴν Εὐρωπαϊκὴν Οἰκονομικὴν Κοινότητα βοήθειαν ἀλλὰ καὶ κατανόησιν διὰ τὰ οἰκονομικὰ προβλήματα τῆς Ἀμερικῆς, εἰς μήνυμα τὸ ὁποῖον ἀπηύθυνε πρὸς τοὺς ἡγέτας τῆς Κοινότητος.
Η ΜΟΣΧΑ ΠΡΟΕΙΔΟΠΟΙΗΣΕ ΤΟΥΣ ΦΙΛΕΛΕΥΘΕΡΟΥΣ ΝΑ ΕΓΚΑΤΑΛΕΙΨΟΥΝ ΤΑΣ ΔΡΑΣΤΗΡΙΟΤΗΤΑΣ ΤΩΝ
ΜΟΣΧΑ, 8. (Ρώυτερ).— Ἡ σοβιετικὴ κυβέρνησις προειδοποίησε τοὺς φιλελευθέρους διανοουμένους νὰ ἐγκαταλείψουν τὰς δραστηριότητάς των, ἄλλως θὰ ἀντιμετωπίσουν αὐστηρὰ μέτρα. Ἡ προειδοποίησις ἐγένετο διὰ δημοσιεύματος τῆς ἐφημερίδος «Ἰζβέστια».
ΜΟΣΧΑ, 8. (Ρώυτερ).— Ἡ σοβιετικὴ κυβέρνησις προειδοποίησε τοὺς φιλελευθέρους διανοουμένους νὰ ἐγκαταλείψουν τὰς δραστηριότητάς των, ἄλλως θὰ ἀντιμετωπίσουν αὐστηρὰ μέτρα. Ἡ προειδοποίησις ἐγένετο διὰ δημοσιεύματος τῆς ἐφημερίδος «Ἰζβέστια».
Ο ΠΑΠΑΣ ΕΔΕΧΘΗ ΤΟΝ ΕΜΠΕΙΡΟΓΝΩΜΟΝΑ ΠΟΥ ΩΜΙΛΗΣΕ ΚΑΙ ΠΕΡΙ «ΜΕΤΑΜΟΣΧΕΥΣΕΩΝ» ΑΝΘΡΩΠΙΝΩΝ ΚΕΦΑΛΩΝ
ΒΑΤΙΚΑΝΟΝ, 8. (Ρώυτερ).— Ὁ Πάπας Παῦλος ἐδέχθη τὸν Ἀμερικανὸν ἐμπειρογνώμονα νευροχειρουργὸν, ὁ ὁποῖος ὡμίλησε περὶ τῶν δυνατοτήτων μεταμοσχεύσεως ἀνθρωπίνων κεφαλῶν, εἰς συνέδριον τὸ ὁποῖον διεξήχθη εἰς Ρώμην.
ΒΑΤΙΚΑΝΟΝ, 8. (Ρώυτερ).— Ὁ Πάπας Παῦλος ἐδέχθη τὸν Ἀμερικανὸν ἐμπειρογνώμονα νευροχειρουργὸν, ὁ ὁποῖος ὡμίλησε περὶ τῶν δυνατοτήτων μεταμοσχεύσεως ἀνθρωπίνων κεφαλῶν, εἰς συνέδριον τὸ ὁποῖον διεξήχθη εἰς Ρώμην.
